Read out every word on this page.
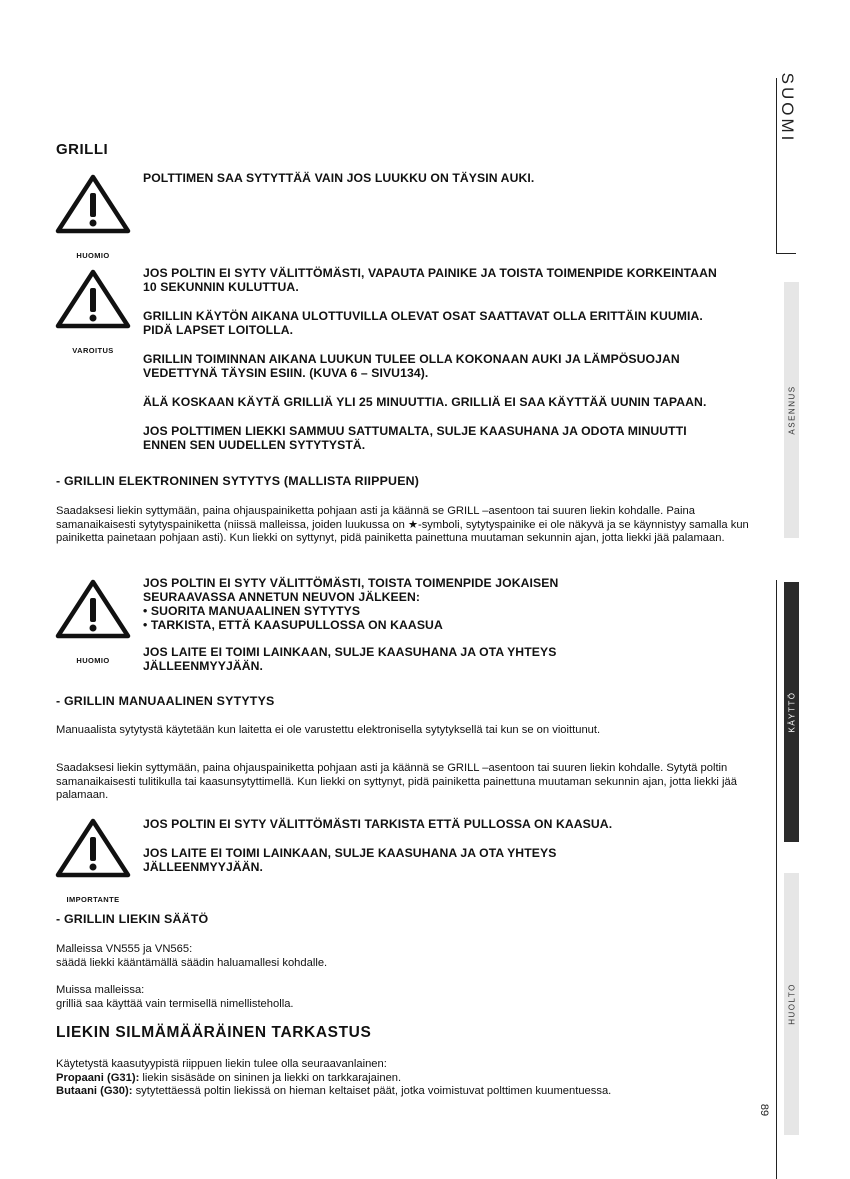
SUOMI
ASENNUS
KÄYTTÖ
HUOLTO
89
GRILLI
HUOMIO

POLTTIMEN SAA SYTYTTÄÄ VAIN JOS LUUKKU ON TÄYSIN AUKI.

VAROITUS

JOS POLTIN EI SYTY VÄLITTÖMÄSTI, VAPAUTA PAINIKE JA TOISTA TOIMENPIDE KORKEINTAAN 10 SEKUNNIN KULUTTUA.

GRILLIN KÄYTÖN AIKANA ULOTTUVILLA OLEVAT OSAT SAATTAVAT OLLA ERITTÄIN KUUMIA. PIDÄ LAPSET LOITOLLA.

GRILLIN TOIMINNAN AIKANA LUUKUN TULEE OLLA KOKONAAN AUKI JA LÄMPÖSUOJAN VEDETTYNÄ TÄYSIN ESIIN. (KUVA 6 – SIVU134).

ÄLÄ KOSKAAN KÄYTÄ GRILLIÄ YLI 25 MINUUTTIA. GRILLIÄ EI SAA KÄYTTÄÄ UUNIN TAPAAN.

JOS POLTTIMEN LIEKKI SAMMUU SATTUMALTA, SULJE KAASUHANA JA ODOTA MINUUTTI ENNEN SEN UUDELLEN SYTYTYSTÄ.

- GRILLIN ELEKTRONINEN SYTYTYS (MALLISTA RIIPPUEN)

Saadaksesi liekin syttymään, paina ohjauspainiketta pohjaan asti ja käännä se GRILL –asentoon tai suuren liekin kohdalle. Paina samanaikaisesti sytytyspainiketta (niissä malleissa, joiden luukussa on ★-symboli, sytytyspainike ei ole näkyvä ja se käynnistyy samalla kun painiketta painetaan pohjaan asti). Kun liekki on syttynyt, pidä painiketta painettuna muutaman sekunnin ajan, jotta liekki jää palamaan.

HUOMIO
JOS POLTIN EI SYTY VÄLITTÖMÄSTI, TOISTA TOIMENPIDE JOKAISEN
SEURAAVASSA ANNETUN NEUVON JÄLKEEN:
• SUORITA MANUAALINEN SYTYTYS
• TARKISTA, ETTÄ KAASUPULLOSSA ON KAASUA

JOS LAITE EI TOIMI LAINKAAN, SULJE KAASUHANA JA OTA YHTEYS JÄLLEENMYYJÄÄN.

- GRILLIN MANUAALINEN SYTYTYS

Manuaalista sytytystä käytetään kun laitetta ei ole varustettu elektronisella sytytyksellä tai kun se on vioittunut.

Saadaksesi liekin syttymään, paina ohjauspainiketta pohjaan asti ja käännä se GRILL –asentoon tai suuren liekin kohdalle. Sytytä poltin samanaikaisesti tulitikulla tai kaasunsytyttimellä. Kun liekki on syttynyt, pidä painiketta painettuna muutaman sekunnin ajan, jotta liekki jää palamaan.

IMPORTANTE

JOS POLTIN EI SYTY VÄLITTÖMÄSTI TARKISTA ETTÄ PULLOSSA ON KAASUA.

JOS LAITE EI TOIMI LAINKAAN, SULJE KAASUHANA JA OTA YHTEYS JÄLLEENMYYJÄÄN.

- GRILLIN LIEKIN SÄÄTÖ

Malleissa VN555 ja VN565:

säädä liekki kääntämällä säädin haluamallesi kohdalle.

Muissa malleissa:

grilliä saa käyttää vain termisellä nimellisteholla.

LIEKIN SILMÄMÄÄRÄINEN TARKASTUS

Käytetystä kaasutyypistä riippuen liekin tulee olla seuraavanlainen:

Propaani (G31): liekin sisäsäde on sininen ja liekki on tarkkarajainen.

Butaani (G30): sytytettäessä poltin liekissä on hieman keltaiset päät, jotka voimistuvat polttimen kuumentuessa.
